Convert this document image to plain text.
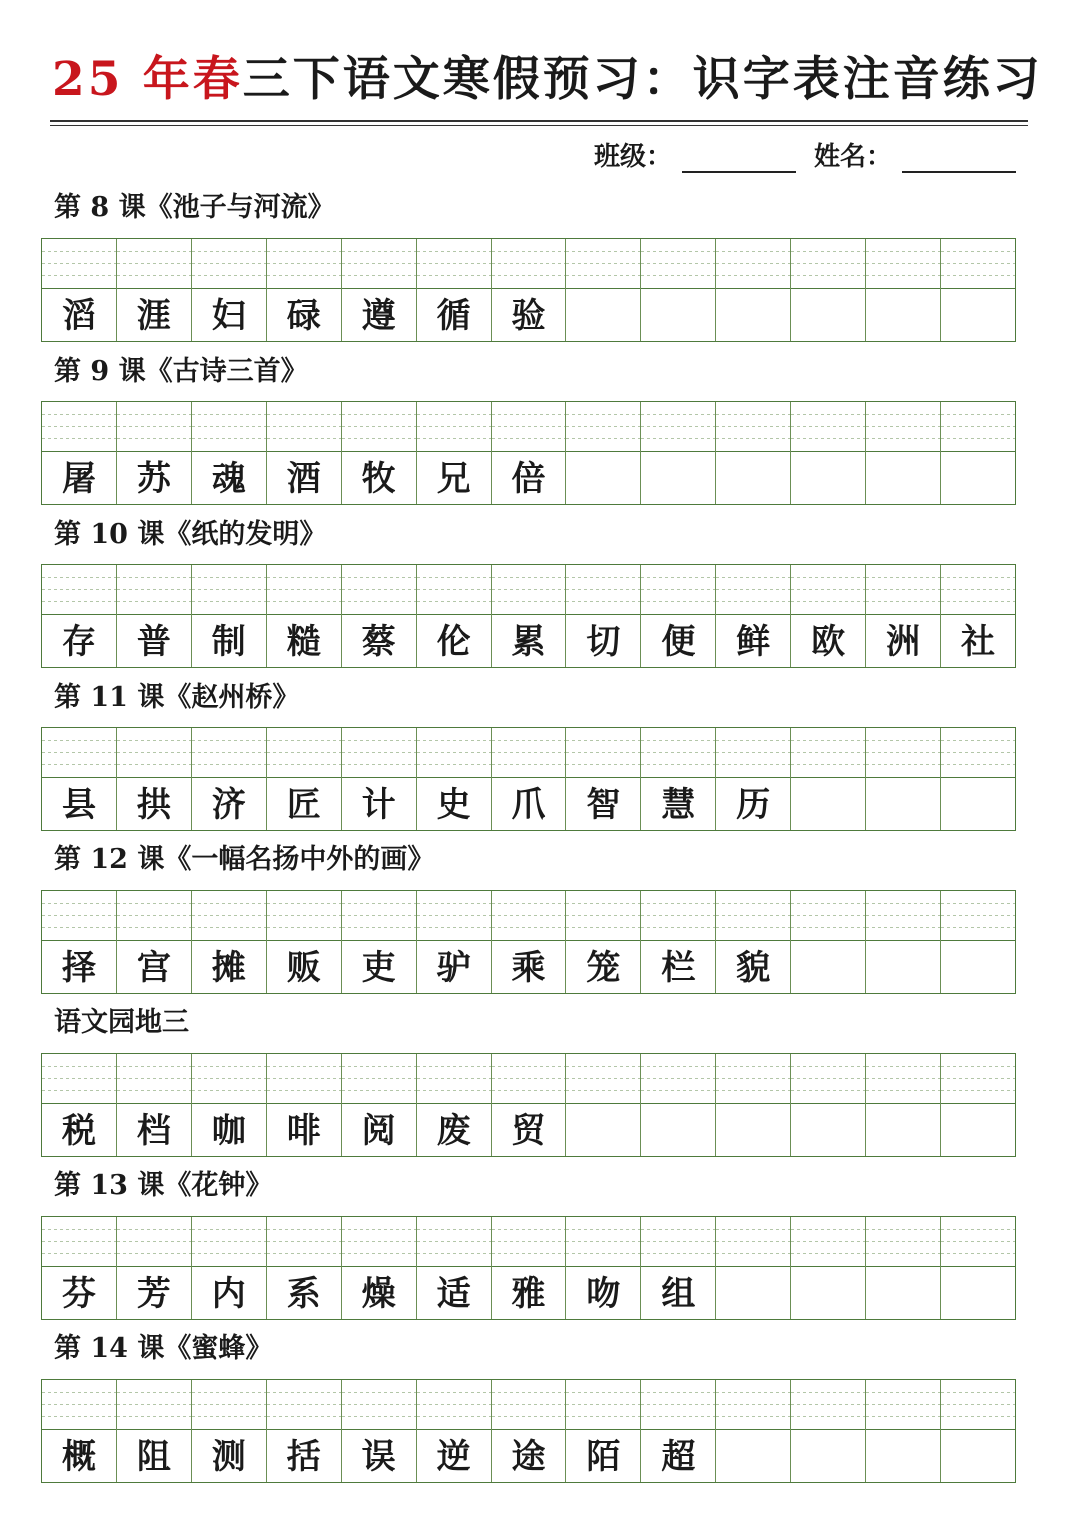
25 年春三下语文寒假预习：识字表注音练习
班级：	姓名：
第 8 课《池子与河流》
滔	涯	妇	碌	遵	循	验
第 9 课《古诗三首》
屠	苏	魂	酒	牧	兄	倍
第 10 课《纸的发明》
存	普	制	糙	蔡	伦	累	切	便	鲜	欧	洲	社
第 11 课《赵州桥》
县	拱	济	匠	计	史	爪	智	慧	历
第 12 课《一幅名扬中外的画》
择	宫	摊	贩	吏	驴	乘	笼	栏	貌
语文园地三
税	档	咖	啡	阅	废	贸
第 13 课《花钟》
芬	芳	内	系	燥	适	雅	吻	组
第 14 课《蜜蜂》
概	阻	测	括	误	逆	途	陌	超
